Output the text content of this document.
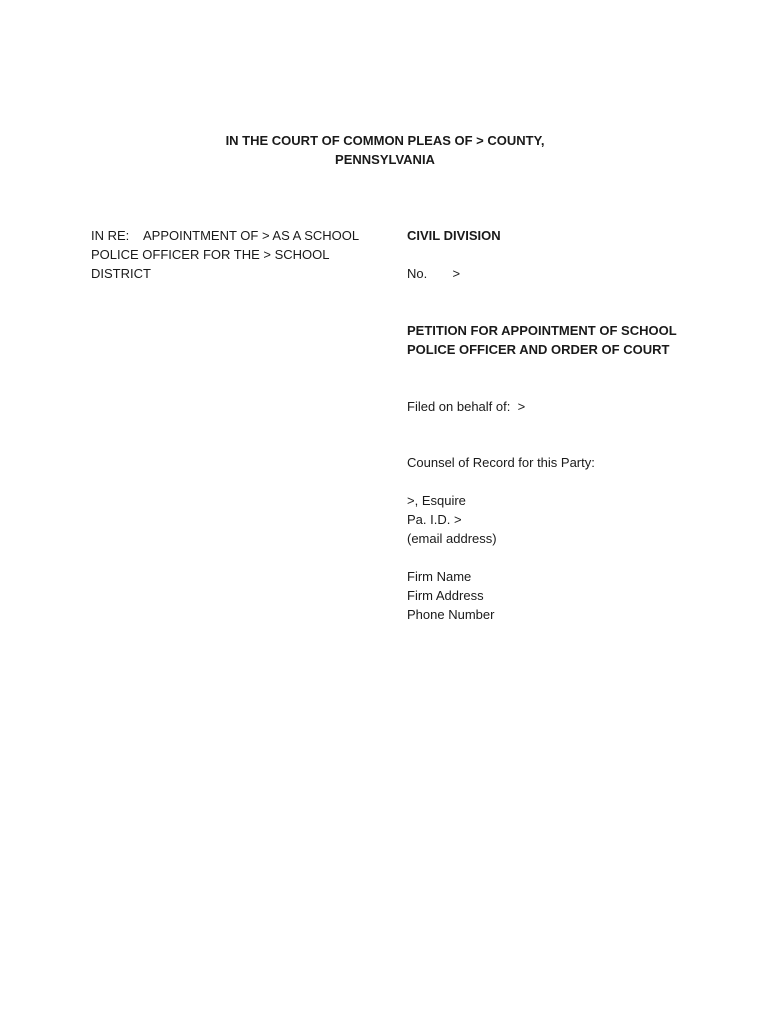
IN THE COURT OF COMMON PLEAS OF > COUNTY,
PENNSYLVANIA
IN RE:    APPOINTMENT OF > AS A SCHOOL
POLICE OFFICER FOR THE > SCHOOL
DISTRICT
CIVIL DIVISION
No.       >
PETITION FOR APPOINTMENT OF SCHOOL
POLICE OFFICER AND ORDER OF COURT
Filed on behalf of:  >
Counsel of Record for this Party:
>, Esquire
Pa. I.D. >
(email address)
Firm Name
Firm Address
Phone Number
